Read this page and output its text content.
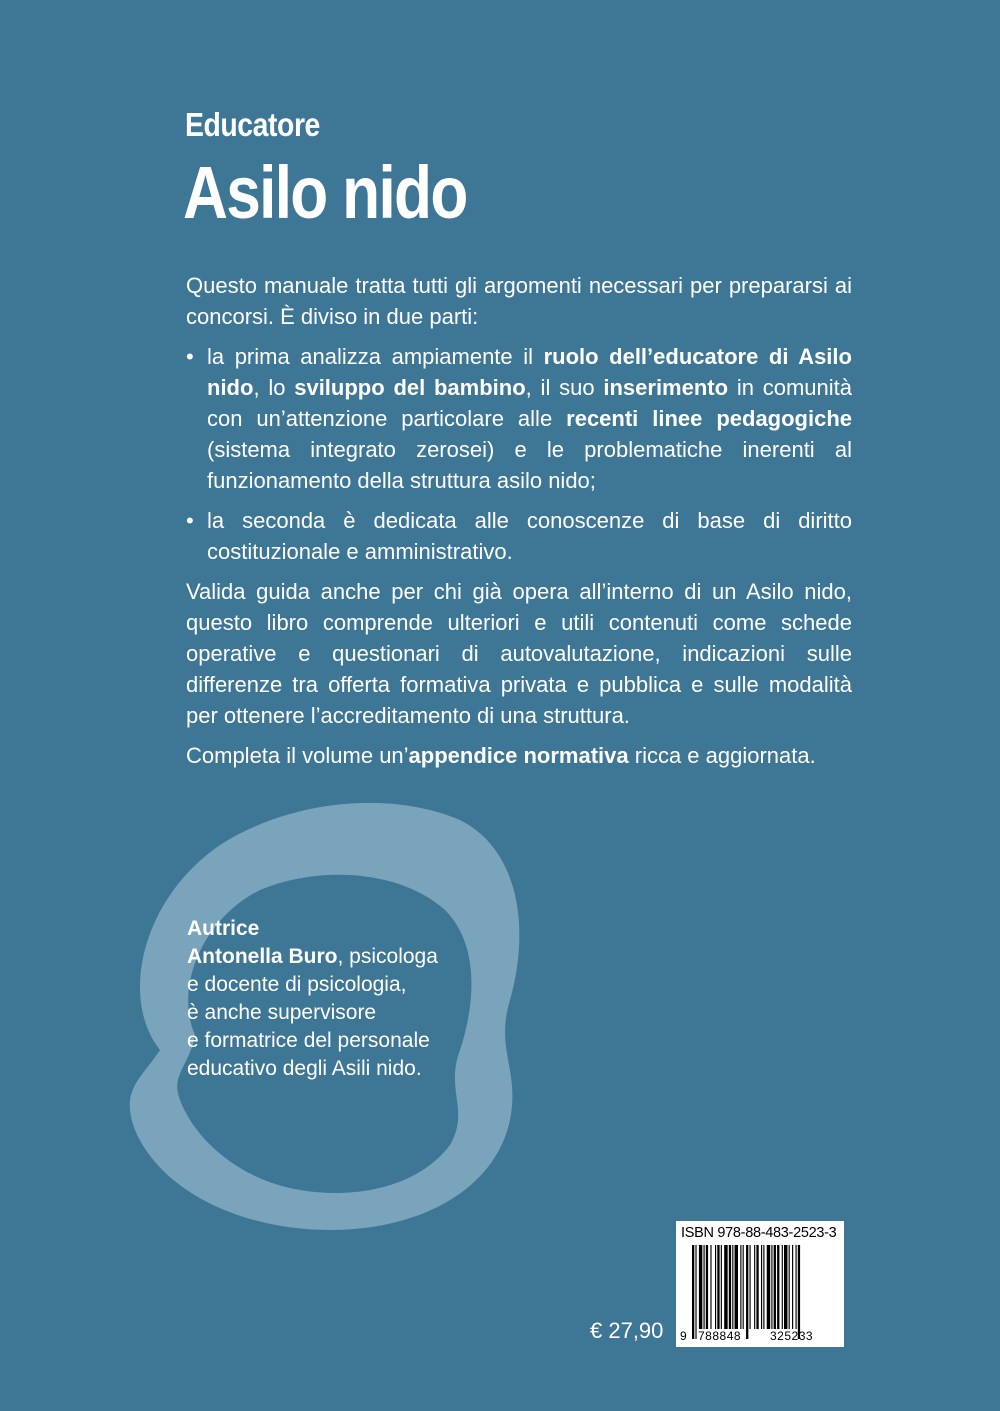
Educatore
Asilo nido

Questo manuale tratta tutti gli argomenti necessari per prepararsi ai concorsi. È diviso in due parti:

• la prima analizza ampiamente il ruolo dell’educatore di Asilo nido, lo sviluppo del bambino, il suo inserimento in comunità con un’attenzione particolare alle recenti linee pedagogiche (sistema integrato zerosei) e le problematiche inerenti al funzionamento della struttura asilo nido;
• la seconda è dedicata alle conoscenze di base di diritto costituzionale e amministrativo.

Valida guida anche per chi già opera all’interno di un Asilo nido, questo libro comprende ulteriori e utili contenuti come schede operative e questionari di autovalutazione, indicazioni sulle differenze tra offerta formativa privata e pubblica e sulle modalità per ottenere l’accreditamento di una struttura.

Completa il volume un’appendice normativa ricca e aggiornata.

Autrice
Antonella Buro, psicologa
e docente di psicologia,
è anche supervisore
e formatrice del personale
educativo degli Asili nido.
€ 27,90
ISBN 978-88-483-2523-3
9 788848 325233
